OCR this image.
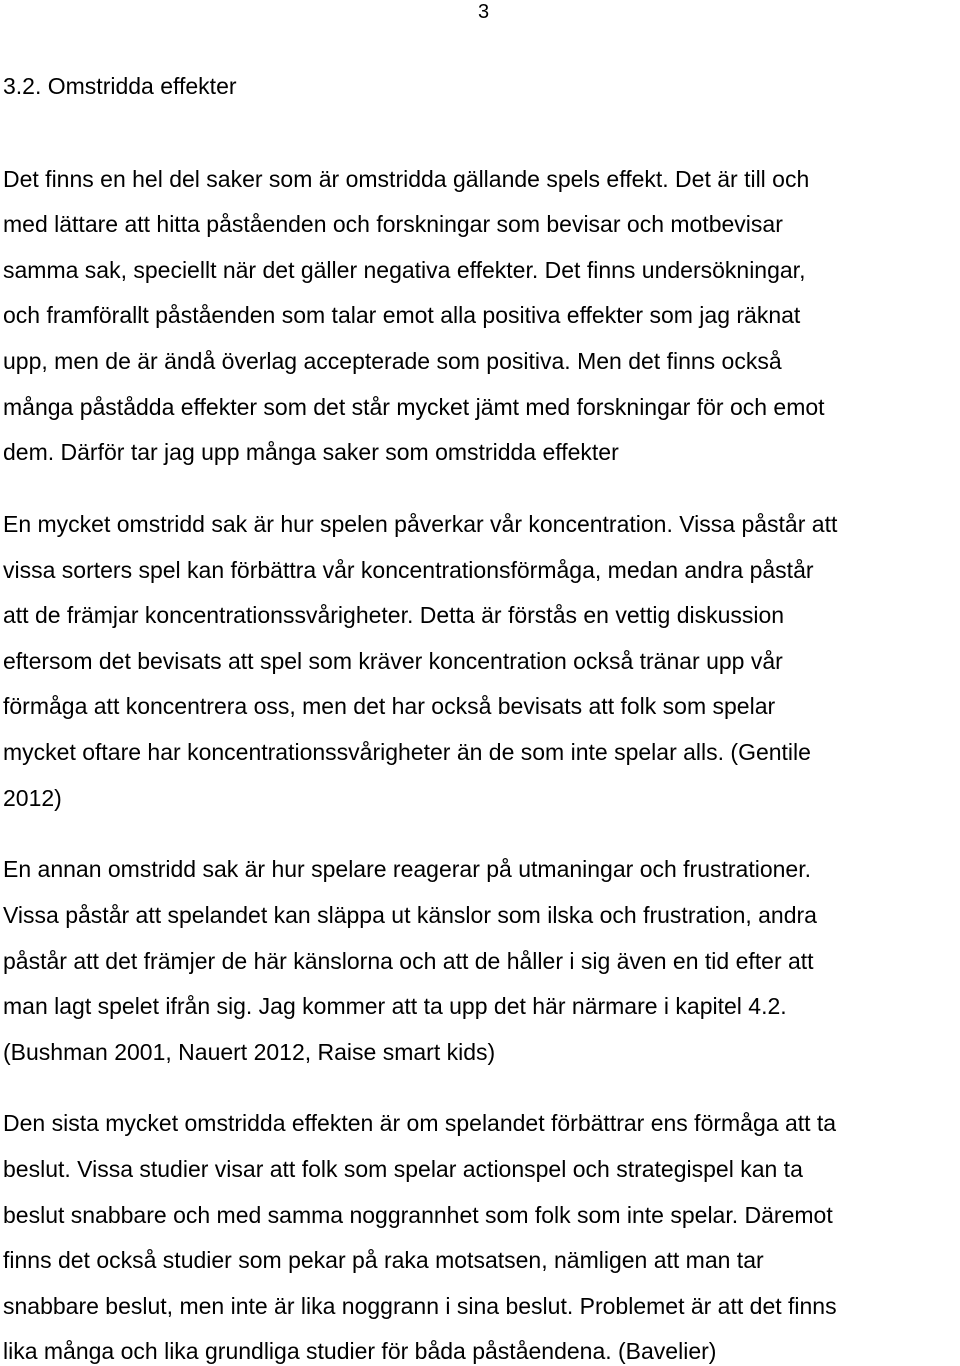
3
3.2. Omstridda effekter
Det finns en hel del saker som är omstridda gällande spels effekt. Det är till och
med lättare att hitta påståenden och forskningar som bevisar och motbevisar
samma sak, speciellt när det gäller negativa effekter. Det finns undersökningar,
och framförallt påståenden som talar emot alla positiva effekter som jag räknat
upp, men de är ändå överlag accepterade som positiva. Men det finns också
många påstådda effekter som det står mycket jämt med forskningar för och emot
dem. Därför tar jag upp många saker som omstridda effekter
En mycket omstridd sak är hur spelen påverkar vår koncentration. Vissa påstår att
vissa sorters spel kan förbättra vår koncentrationsförmåga, medan andra påstår
att de främjar koncentrationssvårigheter. Detta är förstås en vettig diskussion
eftersom det bevisats att spel som kräver koncentration också tränar upp vår
förmåga att koncentrera oss, men det har också bevisats att folk som spelar
mycket oftare har koncentrationssvårigheter än de som inte spelar alls. (Gentile
2012)
En annan omstridd sak är hur spelare reagerar på utmaningar och frustrationer.
Vissa påstår att spelandet kan släppa ut känslor som ilska och frustration, andra
påstår att det främjer de här känslorna och att de håller i sig även en tid efter att
man lagt spelet ifrån sig. Jag kommer att ta upp det här närmare i kapitel 4.2.
(Bushman 2001, Nauert 2012, Raise smart kids)
Den sista mycket omstridda effekten är om spelandet förbättrar ens förmåga att ta
beslut. Vissa studier visar att folk som spelar actionspel och strategispel kan ta
beslut snabbare och med samma noggrannhet som folk som inte spelar. Däremot
finns det också studier som pekar på raka motsatsen, nämligen att man tar
snabbare beslut, men inte är lika noggrann i sina beslut. Problemet är att det finns
lika många och lika grundliga studier för båda påståendena. (Bavelier)
